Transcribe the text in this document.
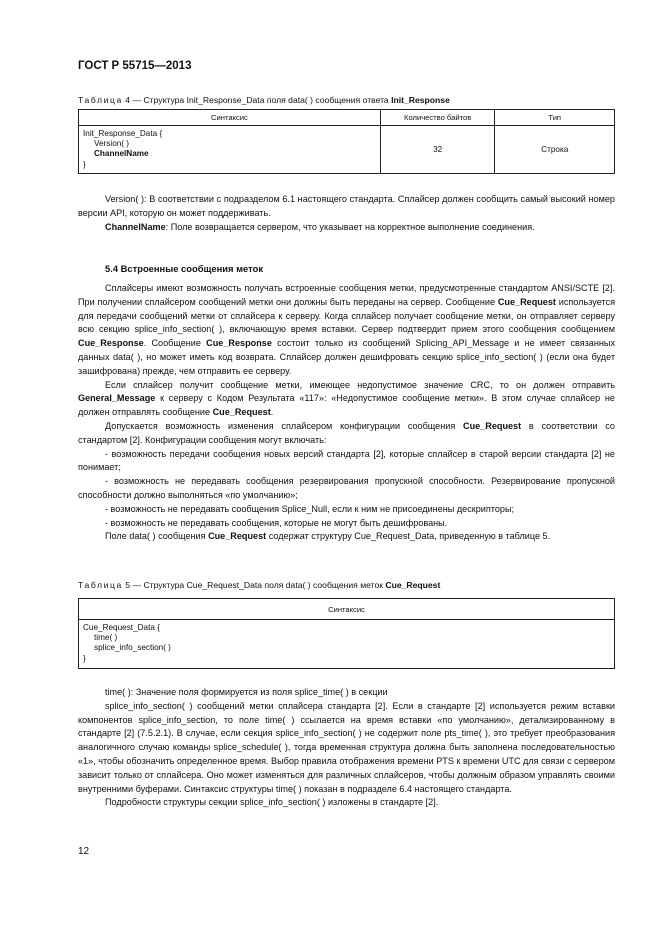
ГОСТ Р 55715—2013
Таблица 4 — Структура Init_Response_Data поля data( ) сообщения ответа Init_Response
Синтаксис	Количество байтов	Тип

Init_Response_Data {
Version( )
ChannelName
}	32	Строка

Version( ): В соответствии с подразделом 6.1 настоящего стандарта. Сплайсер должен сообщить самый высокий номер версии API, которую он может поддерживать.

ChannelName: Поле возвращается сервером, что указывает на корректное выполнение соединения.

5.4 Встроенные сообщения меток

Сплайсеры имеют возможность получать встроенные сообщения метки, предусмотренные стандартом ANSI/SCTE [2]. При получении сплайсером сообщений метки они должны быть переданы на сервер. Сообщение Cue_Request используется для передачи сообщений метки от сплайсера к серверу. Когда сплайсер получает сообщение метки, он отправляет серверу всю секцию splice_info_section( ), включающую время вставки. Сервер подтвердит прием этого сообщения сообщением Cue_Response. Сообщение Cue_Response состоит только из сообщений Splicing_API_Message и не имеет связанных данных data( ), но может иметь код возврата. Сплайсер должен дешифровать секцию splice_info_section( ) (если она будет зашифрована) прежде, чем отправить ее серверу.

Если сплайсер получит сообщение метки, имеющее недопустимое значение CRC, то он должен отправить General_Message к серверу с Кодом Результата «117»: «Недопустимое сообщение метки». В этом случае сплайсер не должен отправлять сообщение Cue_Request.

Допускается возможность изменения сплайсером конфигурации сообщения Cue_Request в соответствии со стандартом [2]. Конфигурации сообщения могут включать:

- возможность передачи сообщения новых версий стандарта [2], которые сплайсер в старой версии стандарта [2] не понимает;

- возможность не передавать сообщения резервирования пропускной способности. Резервирование пропускной способности должно выполняться «по умолчанию»;

- возможность не передавать сообщения Splice_Null, если к ним не присоединены дескрипторы;

- возможность не передавать сообщения, которые не могут быть дешифрованы.

Поле data( ) сообщения Cue_Request содержат структуру Cue_Request_Data, приведенную в таблице 5.

Таблица 5 — Структура Cue_Request_Data поля data( ) сообщения меток Cue_Request
Синтаксис

Cue_Request_Data {
time( )
splice_info_section( )
}

time( ): Значение поля формируется из поля splice_time( ) в секции

splice_info_section( ) сообщений метки сплайсера стандарта [2]. Если в стандарте [2] используется режим вставки компонентов splice_info_section, то поле time( ) ссылается на время вставки «по умолчанию», детализированному в стандарте [2] (7.5.2.1). В случае, если секция splice_info_section( ) не содержит поле pts_time( ), это требует преобразования аналогичного случаю команды splice_schedule( ), тогда временная структура должна быть заполнена последовательностью «1», чтобы обозначить определенное время. Выбор правила отображения времени PTS к времени UTC для связи с сервером зависит только от сплайсера. Оно может изменяться для различных сплайсеров, чтобы должным образом управлять своими внутренними буферами. Синтаксис структуры time( ) показан в подразделе 6.4 настоящего стандарта.

Подробности структуры секции splice_info_section( ) изложены в стандарте [2].

12
